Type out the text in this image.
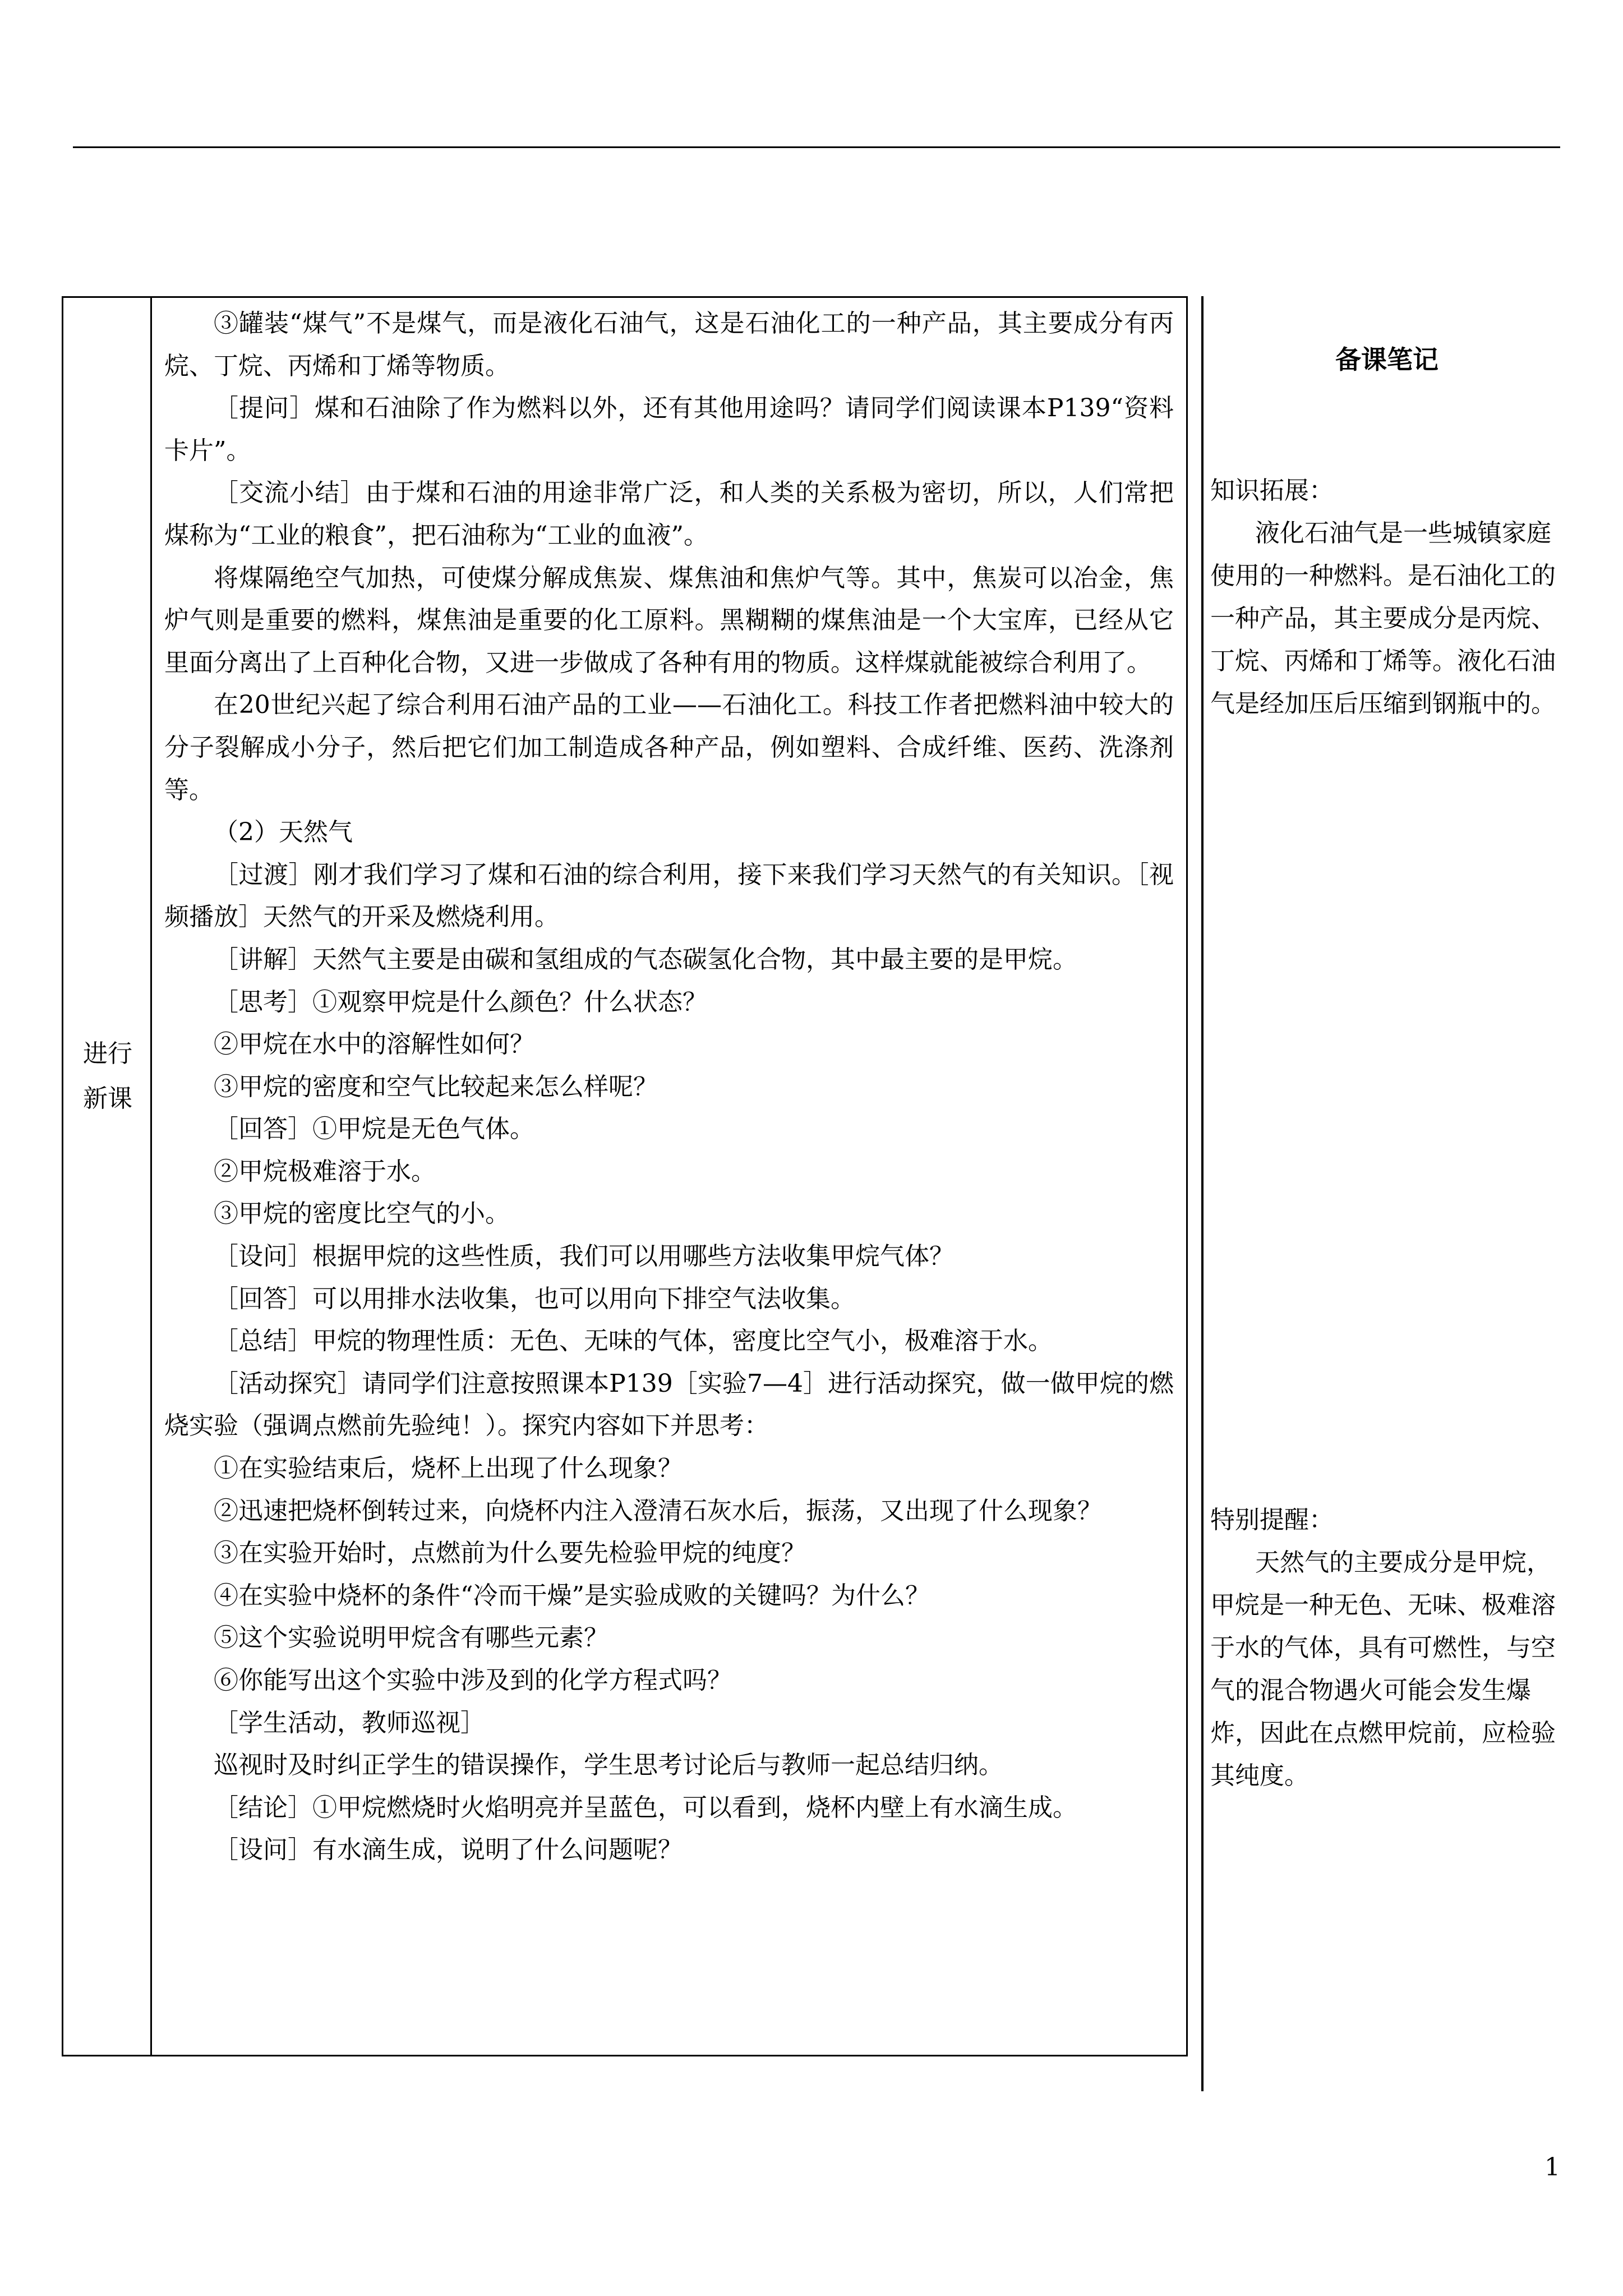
进行
新课

③罐装“煤气”不是煤气，而是液化石油气，这是石油化工的一种产品，其主要成分有丙烷、丁烷、丙烯和丁烯等物质。

［提问］煤和石油除了作为燃料以外，还有其他用途吗？请同学们阅读课本P139“资料卡片”。

［交流小结］由于煤和石油的用途非常广泛，和人类的关系极为密切，所以，人们常把煤称为“工业的粮食”，把石油称为“工业的血液”。

将煤隔绝空气加热，可使煤分解成焦炭、煤焦油和焦炉气等。其中，焦炭可以冶金，焦炉气则是重要的燃料，煤焦油是重要的化工原料。黑糊糊的煤焦油是一个大宝库，已经从它里面分离出了上百种化合物，又进一步做成了各种有用的物质。这样煤就能被综合利用了。

在20世纪兴起了综合利用石油产品的工业——石油化工。科技工作者把燃料油中较大的分子裂解成小分子，然后把它们加工制造成各种产品，例如塑料、合成纤维、医药、洗涤剂等。

（2）天然气

［过渡］刚才我们学习了煤和石油的综合利用，接下来我们学习天然气的有关知识。［视频播放］天然气的开采及燃烧利用。

［讲解］天然气主要是由碳和氢组成的气态碳氢化合物，其中最主要的是甲烷。

［思考］①观察甲烷是什么颜色？什么状态？

②甲烷在水中的溶解性如何？

③甲烷的密度和空气比较起来怎么样呢？

［回答］①甲烷是无色气体。

②甲烷极难溶于水。

③甲烷的密度比空气的小。

［设问］根据甲烷的这些性质，我们可以用哪些方法收集甲烷气体？

［回答］可以用排水法收集，也可以用向下排空气法收集。

［总结］甲烷的物理性质：无色、无味的气体，密度比空气小，极难溶于水。

［活动探究］请同学们注意按照课本P139［实验7—4］进行活动探究，做一做甲烷的燃烧实验（强调点燃前先验纯！）。探究内容如下并思考：

①在实验结束后，烧杯上出现了什么现象？

②迅速把烧杯倒转过来，向烧杯内注入澄清石灰水后，振荡，又出现了什么现象？

③在实验开始时，点燃前为什么要先检验甲烷的纯度？

④在实验中烧杯的条件“冷而干燥”是实验成败的关键吗？为什么？

⑤这个实验说明甲烷含有哪些元素？

⑥你能写出这个实验中涉及到的化学方程式吗？

［学生活动，教师巡视］

巡视时及时纠正学生的错误操作，学生思考讨论后与教师一起总结归纳。

［结论］①甲烷燃烧时火焰明亮并呈蓝色，可以看到，烧杯内壁上有水滴生成。

［设问］有水滴生成，说明了什么问题呢？

备课笔记

知识拓展：

液化石油气是一些城镇家庭使用的一种燃料。是石油化工的一种产品，其主要成分是丙烷、丁烷、丙烯和丁烯等。液化石油气是经加压后压缩到钢瓶中的。

特别提醒：

天然气的主要成分是甲烷，甲烷是一种无色、无味、极难溶于水的气体，具有可燃性，与空气的混合物遇火可能会发生爆炸，因此在点燃甲烷前，应检验其纯度。

1
